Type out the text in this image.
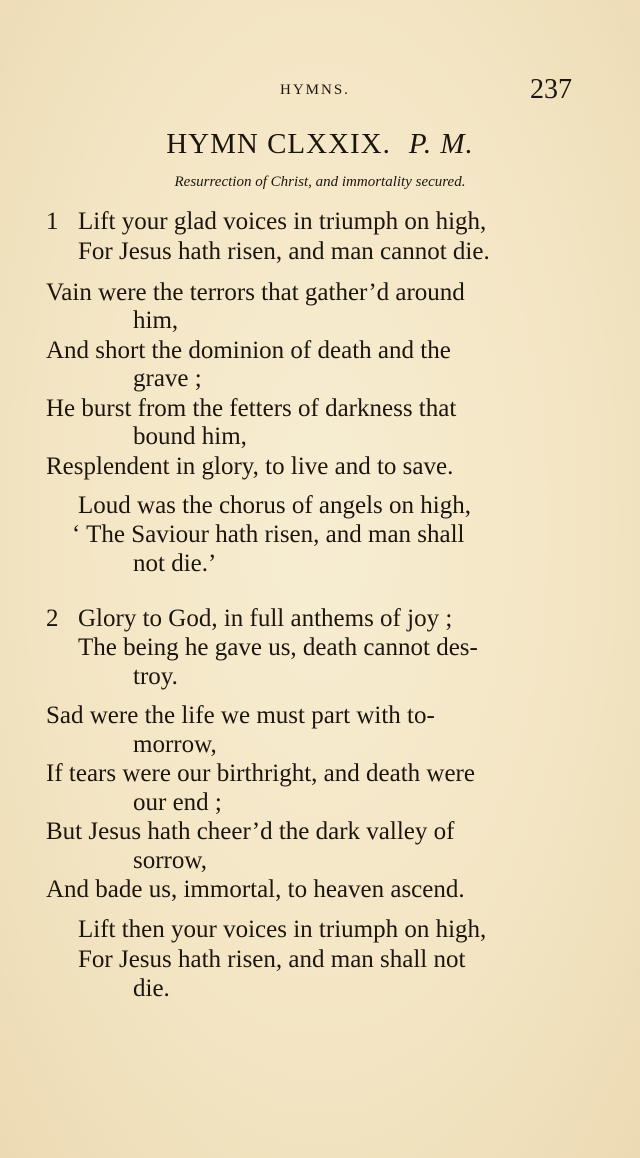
HYMNS.	237
HYMN CLXXIX. P. M.
Resurrection of Christ, and immortality secured.
1 Lift your glad voices in triumph on high,
For Jesus hath risen, and man cannot die.
Vain were the terrors that gather’d around
him,
And short the dominion of death and the
grave ;
He burst from the fetters of darkness that
bound him,
Resplendent in glory, to live and to save.
Loud was the chorus of angels on high,
‘ The Saviour hath risen, and man shall
not die.’
2 Glory to God, in full anthems of joy ;
The being he gave us, death cannot des-
troy.
Sad were the life we must part with to-
morrow,
If tears were our birthright, and death were
our end ;
But Jesus hath cheer’d the dark valley of
sorrow,
And bade us, immortal, to heaven ascend.
Lift then your voices in triumph on high,
For Jesus hath risen, and man shall not
die.
